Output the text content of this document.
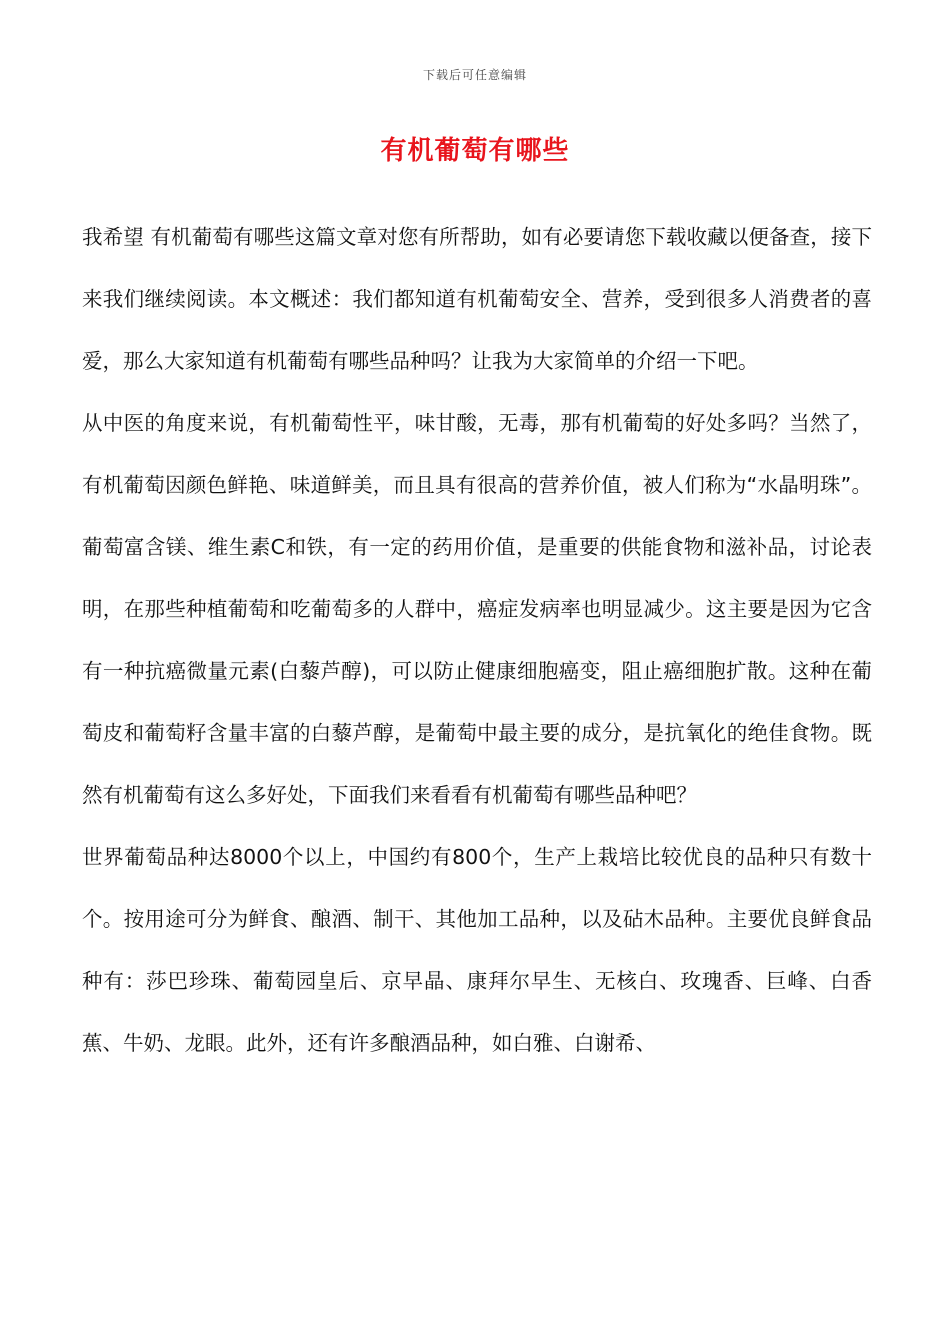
下载后可任意编辑
有机葡萄有哪些

我希望 有机葡萄有哪些这篇文章对您有所帮助，如有必要请您下载收藏以便备查，接下来我们继续阅读。本文概述：我们都知道有机葡萄安全、营养，受到很多人消费者的喜爱，那么大家知道有机葡萄有哪些品种吗？让我为大家简单的介绍一下吧。

从中医的角度来说，有机葡萄性平，味甘酸，无毒，那有机葡萄的好处多吗？当然了，有机葡萄因颜色鲜艳、味道鲜美，而且具有很高的营养价值，被人们称为“水晶明珠”。葡萄富含镁、维生素C和铁，有一定的药用价值，是重要的供能食物和滋补品，讨论表明，在那些种植葡萄和吃葡萄多的人群中，癌症发病率也明显减少。这主要是因为它含有一种抗癌微量元素(白藜芦醇)，可以防止健康细胞癌变，阻止癌细胞扩散。这种在葡萄皮和葡萄籽含量丰富的白藜芦醇，是葡萄中最主要的成分，是抗氧化的绝佳食物。既然有机葡萄有这么多好处，下面我们来看看有机葡萄有哪些品种吧？

世界葡萄品种达8000个以上，中国约有800个，生产上栽培比较优良的品种只有数十个。按用途可分为鲜食、酿酒、制干、其他加工品种，以及砧木品种。主要优良鲜食品种有：莎巴珍珠、葡萄园皇后、京早晶、康拜尔早生、无核白、玫瑰香、巨峰、白香蕉、牛奶、龙眼。此外，还有许多酿酒品种，如白雅、白谢希、
